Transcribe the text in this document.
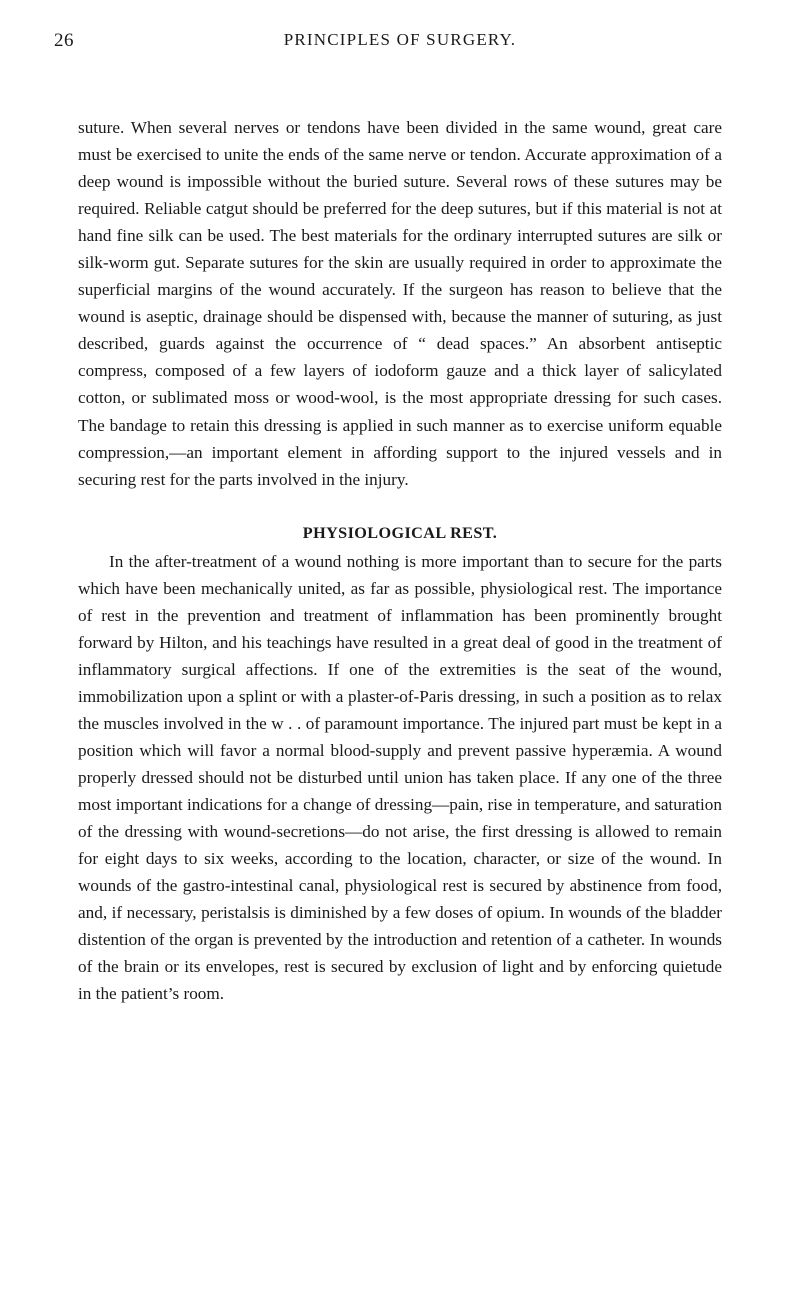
26	PRINCIPLES OF SURGERY.

suture. When several nerves or tendons have been divided in the same wound, great care must be exercised to unite the ends of the same nerve or tendon. Accurate approximation of a deep wound is impossible without the buried suture. Several rows of these sutures may be required. Reliable catgut should be preferred for the deep sutures, but if this material is not at hand fine silk can be used. The best materials for the ordinary interrupted sutures are silk or silk-worm gut. Separate sutures for the skin are usually required in order to approximate the superficial margins of the wound accurately. If the surgeon has reason to believe that the wound is aseptic, drainage should be dispensed with, because the manner of suturing, as just described, guards against the occurrence of “ dead spaces.” An absorbent antiseptic compress, composed of a few layers of iodoform gauze and a thick layer of salicylated cotton, or sublimated moss or wood-wool, is the most appropriate dressing for such cases. The bandage to retain this dressing is applied in such manner as to exercise uniform equable compression,—an important element in affording support to the injured vessels and in securing rest for the parts involved in the injury.

PHYSIOLOGICAL REST.

In the after-treatment of a wound nothing is more important than to secure for the parts which have been mechanically united, as far as possible, physiological rest. The importance of rest in the prevention and treatment of inflammation has been prominently brought forward by Hilton, and his teachings have resulted in a great deal of good in the treatment of inflammatory surgical affections. If one of the extremities is the seat of the wound, immobilization upon a splint or with a plaster-of-Paris dressing, in such a position as to relax the muscles involved in the w . . of paramount importance. The injured part must be kept in a position which will favor a normal blood-supply and prevent passive hyperæmia. A wound properly dressed should not be disturbed until union has taken place. If any one of the three most important indications for a change of dressing—pain, rise in temperature, and saturation of the dressing with wound-secretions—do not arise, the first dressing is allowed to remain for eight days to six weeks, according to the location, character, or size of the wound. In wounds of the gastro-intestinal canal, physiological rest is secured by abstinence from food, and, if necessary, peristalsis is diminished by a few doses of opium. In wounds of the bladder distention of the organ is prevented by the introduction and retention of a catheter. In wounds of the brain or its envelopes, rest is secured by exclusion of light and by enforcing quietude in the patient’s room.
